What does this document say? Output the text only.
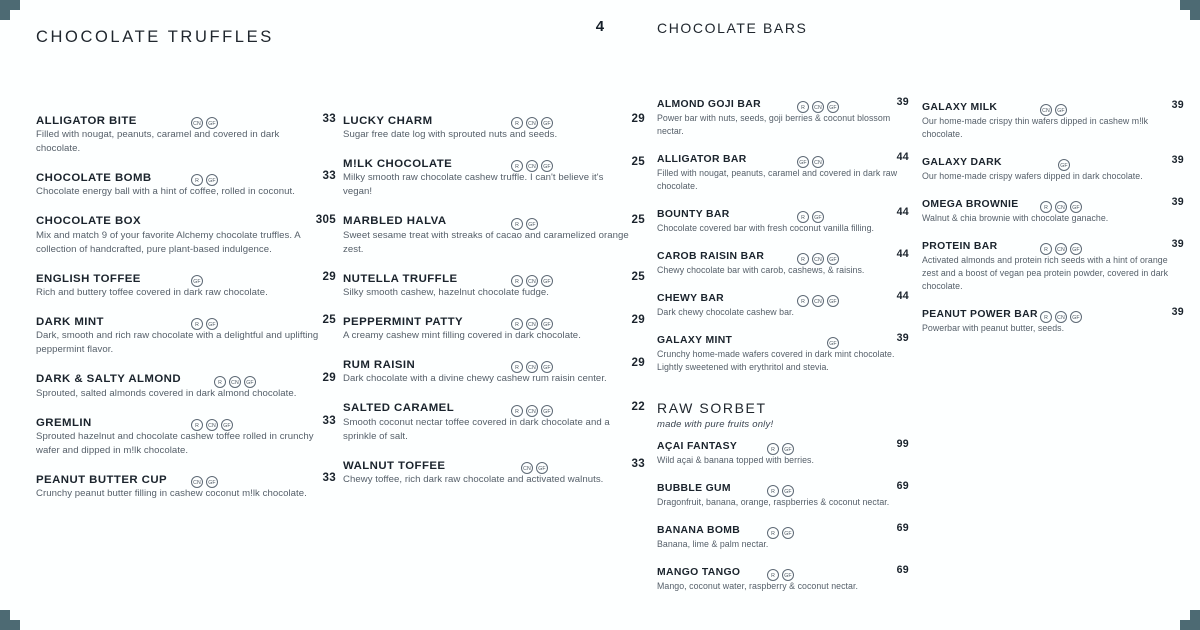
4
CHOCOLATE TRUFFLES
ALLIGATOR BITE	CN GF	33
Filled with nougat, peanuts, caramel and covered in dark chocolate.
CHOCOLATE BOMB	R GF	33
Chocolate energy ball with a hint of coffee, rolled in coconut.
CHOCOLATE BOX	305
Mix and match 9 of your favorite Alchemy chocolate truffles. A collection of handcrafted, pure plant-based indulgence.
ENGLISH TOFFEE	GF	29
Rich and buttery toffee covered in dark raw chocolate.
DARK MINT	R GF	25
Dark, smooth and rich raw chocolate with a delightful and uplifting peppermint flavor.
DARK & SALTY ALMOND	R CN GF	29
Sprouted, salted almonds covered in dark almond chocolate.
GREMLIN	R CN GF	33
Sprouted hazelnut and chocolate cashew toffee rolled in crunchy wafer and dipped in m!lk chocolate.
PEANUT BUTTER CUP	CN GF	33
Crunchy peanut butter filling in cashew coconut m!lk chocolate.
LUCKY CHARM	R CN GF	29
Sugar free date log with sprouted nuts and seeds.
M!LK CHOCOLATE	R CN GF	25
Milky smooth raw chocolate cashew truffle. I can't believe it's vegan!
MARBLED HALVA	R GF	25
Sweet sesame treat with streaks of cacao and caramelized orange zest.
NUTELLA TRUFFLE	R CN GF	25
Silky smooth cashew, hazelnut chocolate fudge.
PEPPERMINT PATTY	R CN GF	29
A creamy cashew mint filling covered in dark chocolate.
RUM RAISIN	R CN GF	29
Dark chocolate with a divine chewy cashew rum raisin center.
SALTED CARAMEL	R CN GF	22
Smooth coconut nectar toffee covered in dark chocolate and a sprinkle of salt.
WALNUT TOFFEE	CN GF	33
Chewy toffee, rich dark raw chocolate and activated walnuts.
CHOCOLATE BARS
ALMOND GOJI BAR	R CN GF	39
Power bar with nuts, seeds, goji berries & coconut blossom nectar.
ALLIGATOR BAR	GF CN	44
Filled with nougat, peanuts, caramel and covered in dark raw chocolate.
BOUNTY BAR	R GF	44
Chocolate covered bar with fresh coconut vanilla filling.
CAROB RAISIN BAR	R CN GF	44
Chewy chocolate bar with carob, cashews, & raisins.
CHEWY BAR	R CN GF	44
Dark chewy chocolate cashew bar.
GALAXY MINT	GF	39
Crunchy home-made wafers covered in dark mint chocolate. Lightly sweetened with erythritol and stevia.
RAW SORBET
made with pure fruits only!
AÇAI FANTASY	R GF	99
Wild açai & banana topped with berries.
BUBBLE GUM	R GF	69
Dragonfruit, banana, orange, raspberries & coconut nectar.
BANANA BOMB	R GF	69
Banana, lime & palm nectar.
MANGO TANGO	R GF	69
Mango, coconut water, raspberry & coconut nectar.
GALAXY MILK	CN GF	39
Our home-made crispy thin wafers dipped in cashew m!lk chocolate.
GALAXY DARK	GF	39
Our home-made crispy wafers dipped in dark chocolate.
OMEGA BROWNIE	R CN GF	39
Walnut & chia brownie with chocolate ganache.
PROTEIN BAR	R CN GF	39
Activated almonds and protein rich seeds with a hint of orange zest and a boost of vegan pea protein powder, covered in dark chocolate.
PEANUT POWER BAR	R CN GF	39
Powerbar with peanut butter, seeds.
